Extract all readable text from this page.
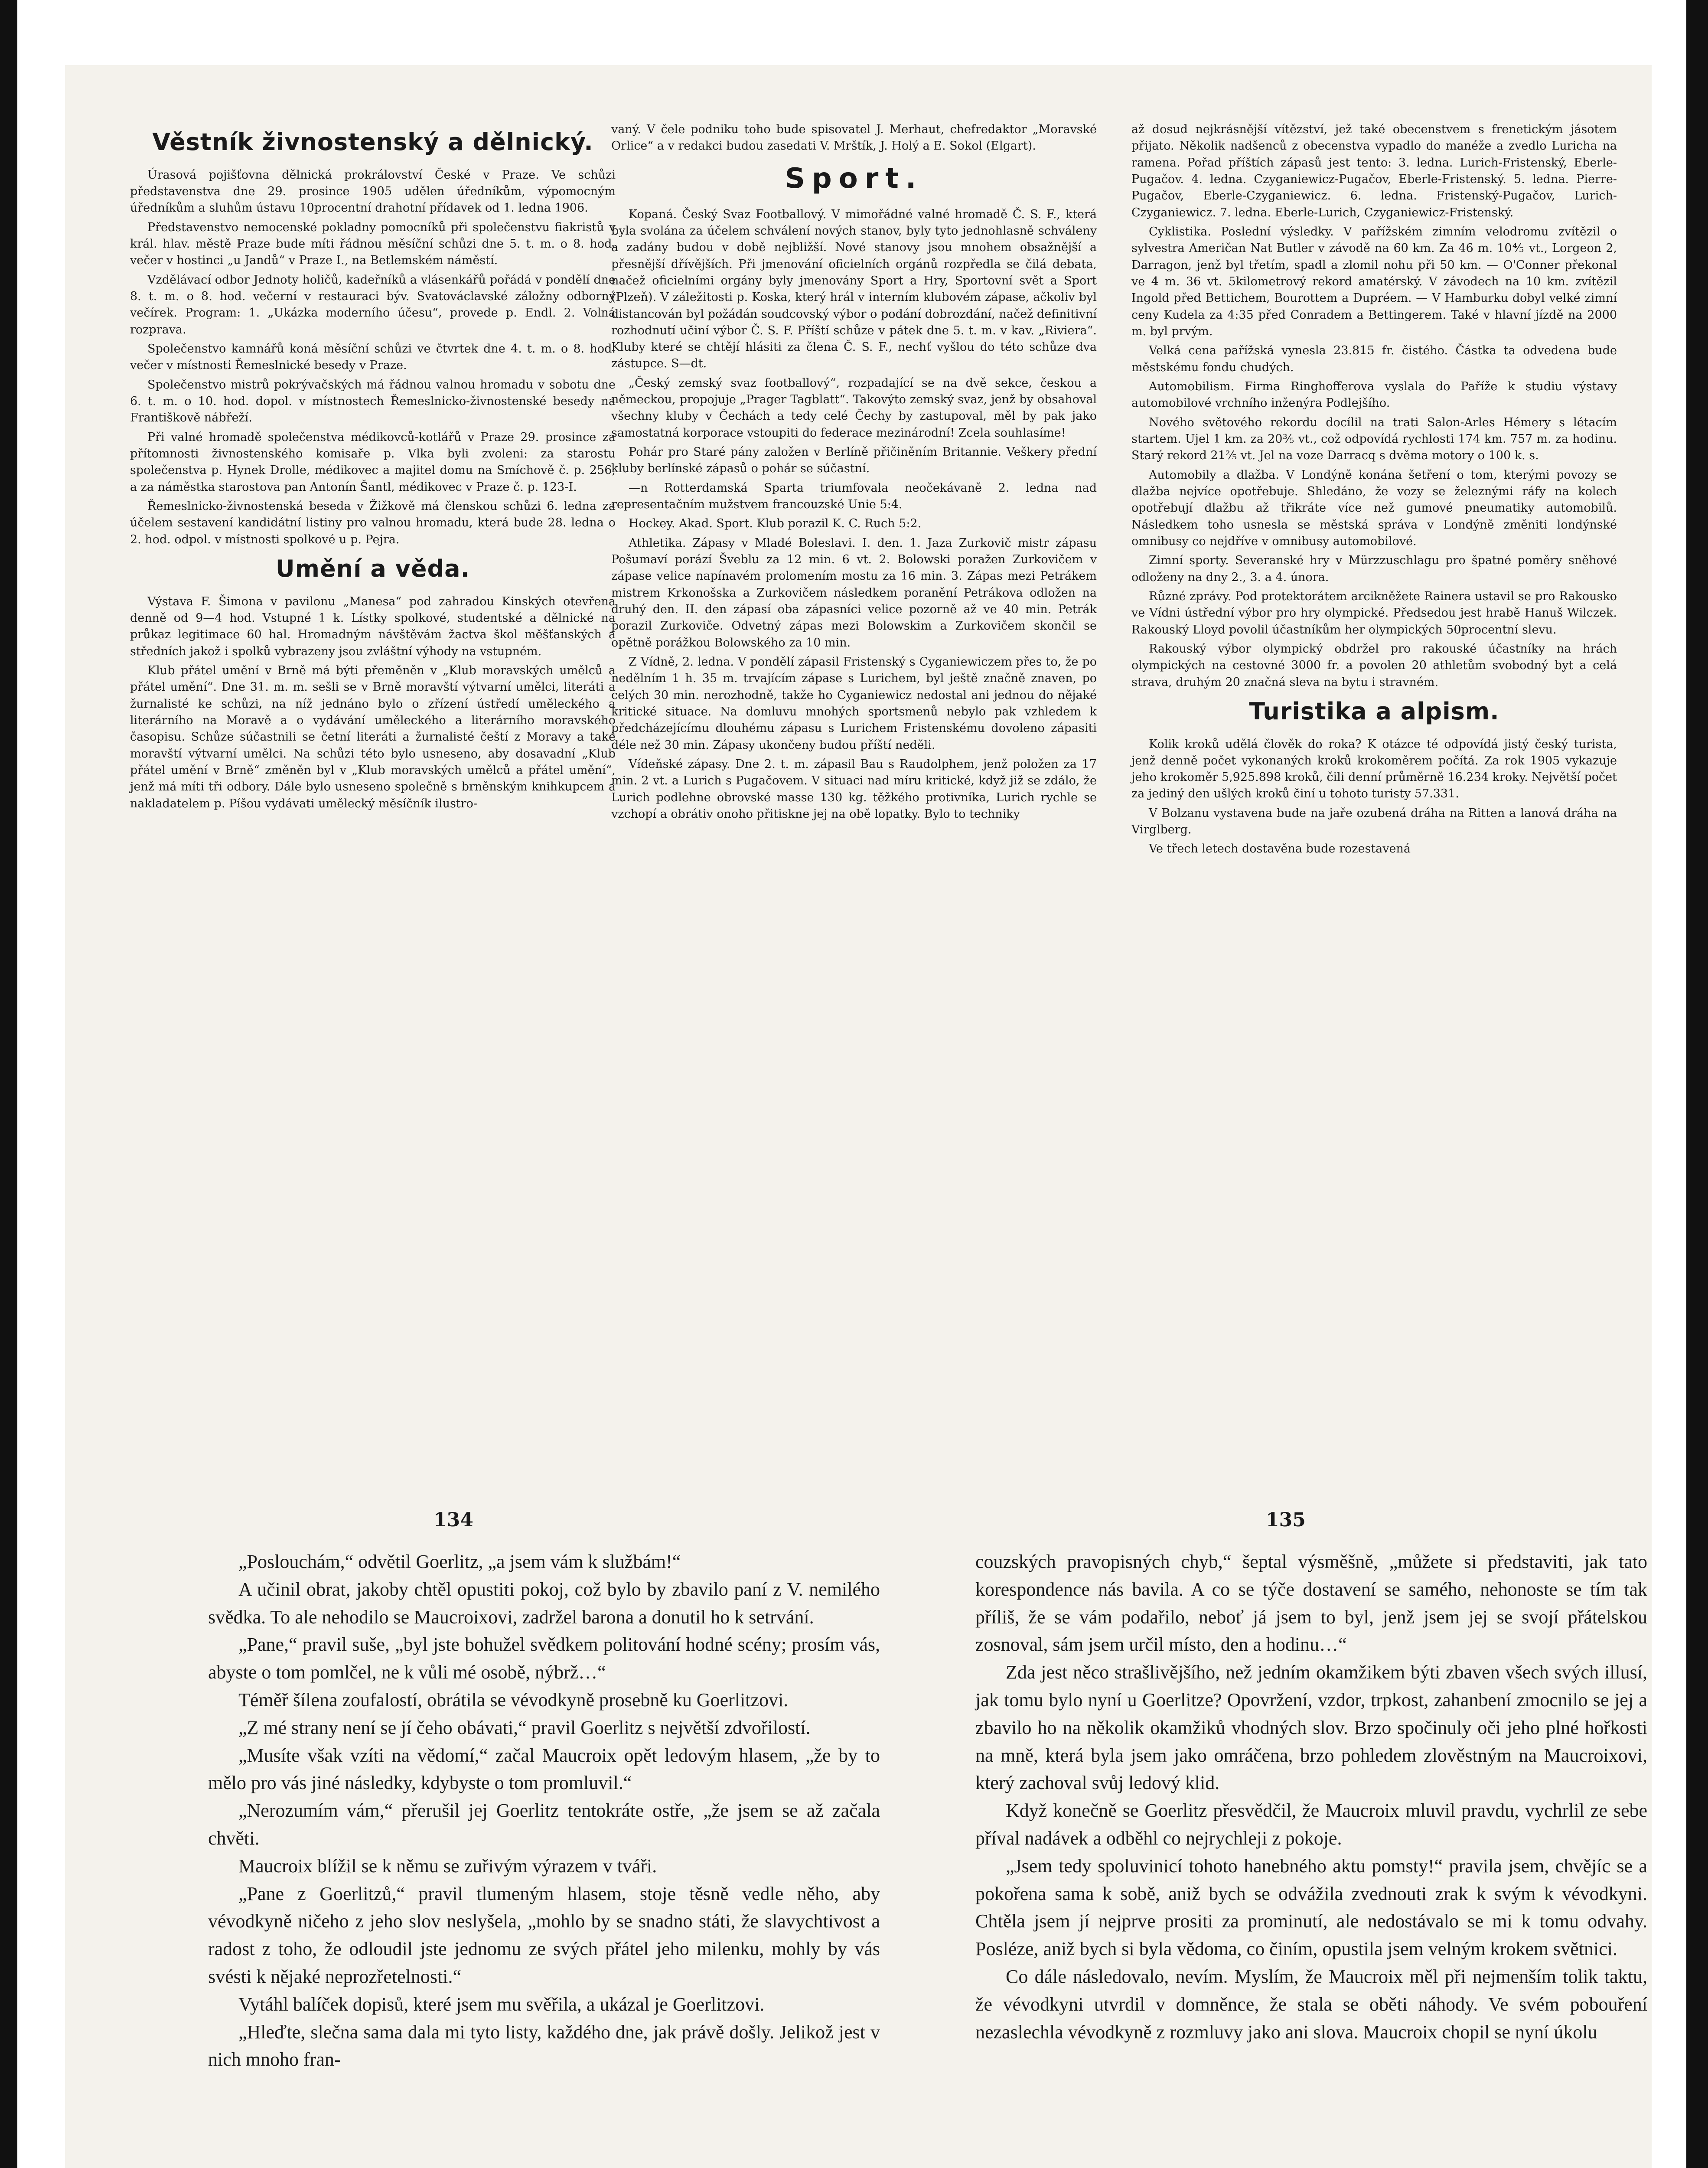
Věstník živnostenský a dělnický.

Úrasová pojišťovna dělnická prokrálovství České v Praze. Ve schůzi představenstva dne 29. prosince 1905 udělen úředníkům, výpomocným úředníkům a sluhům ústavu 10procentní drahotní přídavek od 1. ledna 1906.

Představenstvo nemocenské pokladny pomocníků při společenstvu fiakristů v král. hlav. městě Praze bude míti řádnou měsíční schůzi dne 5. t. m. o 8. hod. večer v hostinci „u Jandů“ v Praze I., na Betlemském náměstí.

Vzdělávací odbor Jednoty holičů, kadeřníků a vlásenkářů pořádá v pondělí dne 8. t. m. o 8. hod. večerní v restauraci býv. Svatováclavské záložny odborný večírek. Program: 1. „Ukázka moderního účesu“, provede p. Endl. 2. Volná rozprava.

Společenstvo kamnářů koná měsíční schůzi ve čtvrtek dne 4. t. m. o 8. hod. večer v místnosti Řemeslnické besedy v Praze.

Společenstvo mistrů pokrývačských má řádnou valnou hromadu v sobotu dne 6. t. m. o 10. hod. dopol. v místnostech Řemeslnicko-živnostenské besedy na Františkově nábřeží.

Při valné hromadě společenstva médikovců-kotlářů v Praze 29. prosince za přítomnosti živnostenského komisaře p. Vlka byli zvoleni: za starostu společenstva p. Hynek Drolle, médikovec a majitel domu na Smíchově č. p. 256, a za náměstka starostova pan Antonín Šantl, médikovec v Praze č. p. 123-I.

Řemeslnicko-živnostenská beseda v Žižkově má členskou schůzi 6. ledna za účelem sestavení kandidátní listiny pro valnou hromadu, která bude 28. ledna o 2. hod. odpol. v místnosti spolkové u p. Pejra.

Umění a věda.

Výstava F. Šimona v pavilonu „Manesa“ pod zahradou Kinských otevřena denně od 9—4 hod. Vstupné 1 k. Lístky spolkové, studentské a dělnické na průkaz legitimace 60 hal. Hromadným návštěvám žactva škol měšťanských a středních jakož i spolků vybrazeny jsou zvláštní výhody na vstupném.

Klub přátel umění v Brně má býti přeměněn v „Klub moravských umělců a přátel umění“. Dne 31. m. m. sešli se v Brně moravští výtvarní umělci, literáti a žurnalisté ke schůzi, na níž jednáno bylo o zřízení ústředí uměleckého a literárního na Moravě a o vydávání uměleckého a literárního moravského časopisu. Schůze súčastnili se četní literáti a žurnalisté čeští z Moravy a také moravští výtvarní umělci. Na schůzi této bylo usneseno, aby dosavadní „Klub přátel umění v Brně“ změněn byl v „Klub moravských umělců a přátel umění“, jenž má míti tři odbory. Dále bylo usneseno společně s brněnským knihkupcem a nakladatelem p. Píšou vydávati umělecký měsíčník ilustro-

vaný. V čele podniku toho bude spisovatel J. Merhaut, chefredaktor „Moravské Orlice“ a v redakci budou zasedati V. Mrštík, J. Holý a E. Sokol (Elgart).

Sport.

Kopaná. Český Svaz Footballový. V mimořádné valné hromadě Č. S. F., která byla svolána za účelem schválení nových stanov, byly tyto jednohlasně schváleny a zadány budou v době nejbližší. Nové stanovy jsou mnohem obsažnější a přesnější dřívějších. Při jmenování oficielních orgánů rozpředla se čilá debata, načež oficielními orgány byly jmenovány Sport a Hry, Sportovní svět a Sport (Plzeň). V záležitosti p. Koska, který hrál v interním klubovém zápase, ačkoliv byl distancován byl požádán soudcovský výbor o podání dobrozdání, načež definitivní rozhodnutí učiní výbor Č. S. F. Příští schůze v pátek dne 5. t. m. v kav. „Riviera“. Kluby které se chtějí hlásiti za člena Č. S. F., nechť vyšlou do této schůze dva zástupce. S—dt.

„Český zemský svaz footballový“, rozpadající se na dvě sekce, českou a německou, propojuje „Prager Tagblatt“. Takovýto zemský svaz, jenž by obsahoval všechny kluby v Čechách a tedy celé Čechy by zastupoval, měl by pak jako samostatná korporace vstoupiti do federace mezinárodní! Zcela souhlasíme!

Pohár pro Staré pány založen v Berlíně přičiněním Britannie. Veškery přední kluby berlínské zápasů o pohár se súčastní.

—n Rotterdamská Sparta triumfovala neočekávaně 2. ledna nad representačním mužstvem francouzské Unie 5:4.

Hockey. Akad. Sport. Klub porazil K. C. Ruch 5:2.

Athletika. Zápasy v Mladé Boleslavi. I. den. 1. Jaza Zurkovič mistr zápasu Pošumaví porází Šveblu za 12 min. 6 vt. 2. Bolowski poražen Zurkovičem v zápase velice napínavém prolomením mostu za 16 min. 3. Zápas mezi Petrákem mistrem Krkonošska a Zurkovičem následkem poranění Petrákova odložen na druhý den. II. den zápasí oba zápasníci velice pozorně až ve 40 min. Petrák porazil Zurkoviče. Odvetný zápas mezi Bolowskim a Zurkovičem skončil se opětně porážkou Bolowského za 10 min.

Z Vídně, 2. ledna. V pondělí zápasil Fristenský s Cyganiewiczem přes to, že po nedělním 1 h. 35 m. trvajícím zápase s Lurichem, byl ještě značně znaven, po celých 30 min. nerozhodně, takže ho Cyganiewicz nedostal ani jednou do nějaké kritické situace. Na domluvu mnohých sportsmenů nebylo pak vzhledem k předcházejícímu dlouhému zápasu s Lurichem Fristenskému dovoleno zápasiti déle než 30 min. Zápasy ukončeny budou příští neděli.

Vídeňské zápasy. Dne 2. t. m. zápasil Bau s Raudolphem, jenž položen za 17 min. 2 vt. a Lurich s Pugačovem. V situaci nad míru kritické, když již se zdálo, že Lurich podlehne obrovské masse 130 kg. těžkého protivníka, Lurich rychle se vzchopí a obrátiv onoho přitiskne jej na obě lopatky. Bylo to techniky

až dosud nejkrásnější vítězství, jež také obecenstvem s frenetickým jásotem přijato. Několik nadšenců z obecenstva vypadlo do manéže a zvedlo Luricha na ramena. Pořad příštích zápasů jest tento: 3. ledna. Lurich-Fristenský, Eberle-Pugačov. 4. ledna. Czyganiewicz-Pugačov, Eberle-Fristenský. 5. ledna. Pierre-Pugačov, Eberle-Czyganiewicz. 6. ledna. Fristenský-Pugačov, Lurich-Czyganiewicz. 7. ledna. Eberle-Lurich, Czyganiewicz-Fristenský.

Cyklistika. Poslední výsledky. V pařížském zimním velodromu zvítězil o sylvestra Američan Nat Butler v závodě na 60 km. Za 46 m. 10⅘ vt., Lorgeon 2, Darragon, jenž byl třetím, spadl a zlomil nohu při 50 km. — O'Conner překonal ve 4 m. 36 vt. 5kilometrový rekord amatérský. V závodech na 10 km. zvítězil Ingold před Bettichem, Bourottem a Dupréem. — V Hamburku dobyl velké zimní ceny Kudela za 4:35 před Conradem a Bettingerem. Také v hlavní jízdě na 2000 m. byl prvým.

Velká cena pařížská vynesla 23.815 fr. čistého. Částka ta odvedena bude městskému fondu chudých.

Automobilism. Firma Ringhofferova vyslala do Paříže k studiu výstavy automobilové vrchního inženýra Podlejšího.

Nového světového rekordu docílil na trati Salon-Arles Hémery s létacím startem. Ujel 1 km. za 20⅗ vt., což odpovídá rychlosti 174 km. 757 m. za hodinu. Starý rekord 21⅖ vt. Jel na voze Darracq s dvěma motory o 100 k. s.

Automobily a dlažba. V Londýně konána šetření o tom, kterými povozy se dlažba nejvíce opotřebuje. Shledáno, že vozy se železnými ráfy na kolech opotřebují dlažbu až třikráte více než gumové pneumatiky automobilů. Následkem toho usnesla se městská správa v Londýně změniti londýnské omnibusy co nejdříve v omnibusy automobilové.

Zimní sporty. Severanské hry v Mürzzuschlagu pro špatné poměry sněhové odloženy na dny 2., 3. a 4. února.

Různé zprávy. Pod protektorátem arcikněžete Rainera ustavil se pro Rakousko ve Vídni ústřední výbor pro hry olympické. Předsedou jest hrabě Hanuš Wilczek. Rakouský Lloyd povolil účastníkům her olympických 50procentní slevu.

Rakouský výbor olympický obdržel pro rakouské účastníky na hrách olympických na cestovné 3000 fr. a povolen 20 athletům svobodný byt a celá strava, druhým 20 značná sleva na bytu i stravném.

Turistika a alpism.

Kolik kroků udělá člověk do roka? K otázce té odpovídá jistý český turista, jenž denně počet vykonaných kroků krokoměrem počítá. Za rok 1905 vykazuje jeho krokoměr 5,925.898 kroků, čili denní průměrně 16.234 kroky. Největší počet za jediný den ušlých kroků činí u tohoto turisty 57.331.

V Bolzanu vystavena bude na jaře ozubená dráha na Ritten a lanová dráha na Virglberg.

Ve třech letech dostavěna bude rozestavená

134	135

„Poslouchám,“ odvětil Goerlitz, „a jsem vám k službám!“

A učinil obrat, jakoby chtěl opustiti pokoj, což bylo by zbavilo paní z V. nemilého svědka. To ale nehodilo se Maucroixovi, zadržel barona a donutil ho k setrvání.

„Pane,“ pravil suše, „byl jste bohužel svědkem politování hodné scény; prosím vás, abyste o tom pomlčel, ne k vůli mé osobě, nýbrž…“

Téměř šílena zoufalostí, obrátila se vévodkyně prosebně ku Goerlitzovi.

„Z mé strany není se jí čeho obávati,“ pravil Goerlitz s největší zdvořilostí.

„Musíte však vzíti na vědomí,“ začal Maucroix opět ledovým hlasem, „že by to mělo pro vás jiné následky, kdybyste o tom promluvil.“

„Nerozumím vám,“ přerušil jej Goerlitz tentokráte ostře, „že jsem se až začala chvěti.

Maucroix blížil se k němu se zuřivým výrazem v tváři.

„Pane z Goerlitzů,“ pravil tlumeným hlasem, stoje těsně vedle něho, aby vévodkyně ničeho z jeho slov neslyšela, „mohlo by se snadno státi, že slavychtivost a radost z toho, že odloudil jste jednomu ze svých přátel jeho milenku, mohly by vás svésti k nějaké neprozřetelnosti.“

Vytáhl balíček dopisů, které jsem mu svěřila, a ukázal je Goerlitzovi.

„Hleďte, slečna sama dala mi tyto listy, každého dne, jak právě došly. Jelikož jest v nich mnoho fran-

couzských pravopisných chyb,“ šeptal výsměšně, „můžete si představiti, jak tato korespondence nás bavila. A co se týče dostavení se samého, nehonoste se tím tak příliš, že se vám podařilo, neboť já jsem to byl, jenž jsem jej se svojí přátelskou zosnoval, sám jsem určil místo, den a hodinu…“

Zda jest něco strašlivějšího, než jedním okamžikem býti zbaven všech svých illusí, jak tomu bylo nyní u Goerlitze? Opovržení, vzdor, trpkost, zahanbení zmocnilo se jej a zbavilo ho na několik okamžiků vhodných slov. Brzo spočinuly oči jeho plné hořkosti na mně, která byla jsem jako omráčena, brzo pohledem zlověstným na Maucroixovi, který zachoval svůj ledový klid.

Když konečně se Goerlitz přesvědčil, že Maucroix mluvil pravdu, vychrlil ze sebe příval nadávek a odběhl co nejrychleji z pokoje.

„Jsem tedy spoluvinicí tohoto hanebného aktu pomsty!“ pravila jsem, chvějíc se a pokořena sama k sobě, aniž bych se odvážila zvednouti zrak k svým k vévodkyni. Chtěla jsem jí nejprve prositi za prominutí, ale nedostávalo se mi k tomu odvahy. Posléze, aniž bych si byla vědoma, co činím, opustila jsem velným krokem světnici.

Co dále následovalo, nevím. Myslím, že Maucroix měl při nejmenším tolik taktu, že vévodkyni utvrdil v domněnce, že stala se oběti náhody. Ve svém pobouření nezaslechla vévodkyně z rozmluvy jako ani slova. Maucroix chopil se nyní úkolu
